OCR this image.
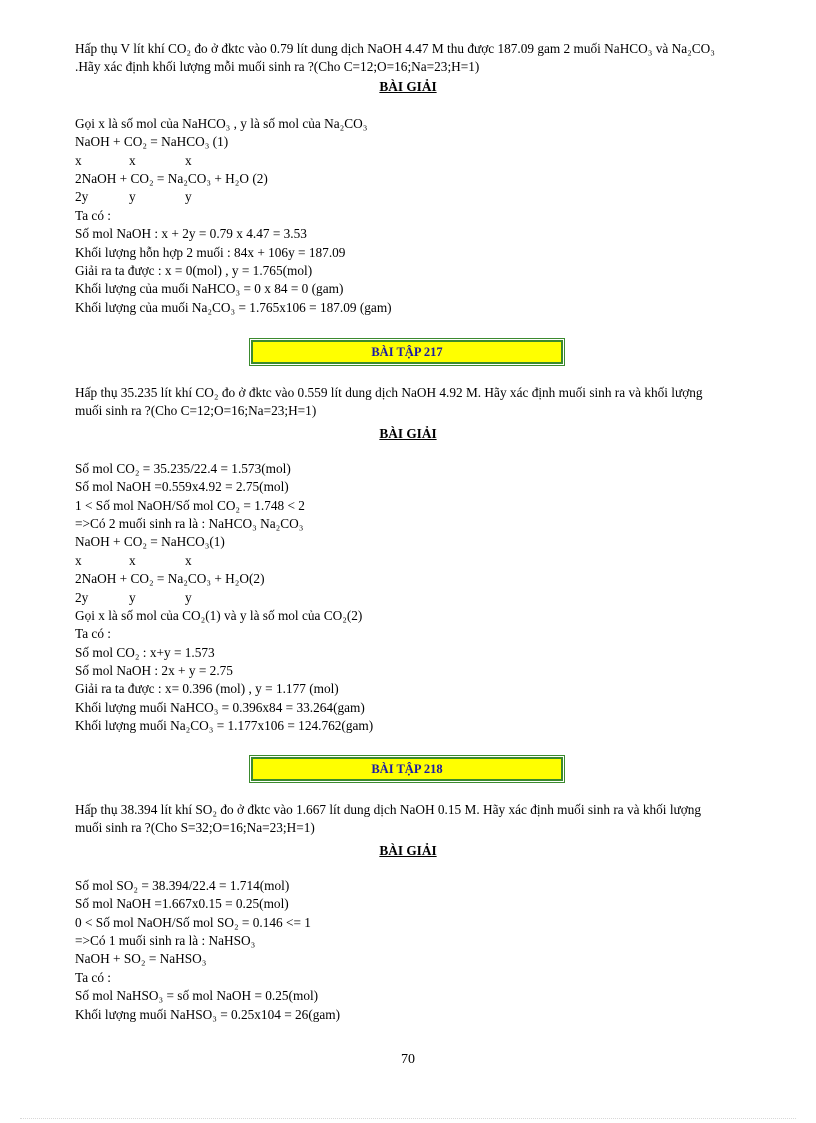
Hấp thụ V lít khí CO₂ đo ở đktc vào 0.79 lít dung dịch NaOH 4.47 M thu được 187.09 gam 2 muối NaHCO₃ và Na₂CO₃
.Hãy xác định khối lượng mỗi muối sinh ra ?(Cho C=12;O=16;Na=23;H=1)
BÀI GIẢI
Gọi x là số mol của NaHCO₃ , y là số mol của Na₂CO₃
NaOH + CO₂ = NaHCO₃ (1)
x	x	x
2NaOH + CO₂ = Na₂CO₃ + H₂O (2)
2y	y	y
Ta có :
Số mol NaOH : x + 2y = 0.79 x 4.47 = 3.53
Khối lượng hỗn hợp 2 muối : 84x + 106y = 187.09
Giải ra ta được : x = 0(mol) , y = 1.765(mol)
Khối lượng của muối NaHCO₃ = 0 x 84 = 0 (gam)
Khối lượng của muối Na₂CO₃ = 1.765x106 = 187.09 (gam)
BÀI TẬP 217
Hấp thụ 35.235 lít khí CO₂ đo ở đktc vào 0.559 lít dung dịch NaOH 4.92 M. Hãy xác định muối sinh ra và khối lượng
muối sinh ra ?(Cho C=12;O=16;Na=23;H=1)
BÀI GIẢI
Số mol CO₂ = 35.235/22.4 = 1.573(mol)
Số mol NaOH =0.559x4.92 = 2.75(mol)
1 < Số mol NaOH/Số mol CO₂ = 1.748 < 2
=>Có 2 muối sinh ra là : NaHCO₃ Na₂CO₃
NaOH + CO₂ = NaHCO₃(1)
x	x	x
2NaOH + CO₂ = Na₂CO₃ + H₂O(2)
2y	y	y
Gọi x là số mol của CO₂(1) và y là số mol của CO₂(2)
Ta có :
Số mol CO₂ : x+y = 1.573
Số mol NaOH : 2x + y = 2.75
Giải ra ta được : x= 0.396 (mol) , y = 1.177 (mol)
Khối lượng muối NaHCO₃ = 0.396x84 = 33.264(gam)
Khối lượng muối Na₂CO₃ = 1.177x106 = 124.762(gam)
BÀI TẬP 218
Hấp thụ 38.394 lít khí SO₂ đo ở đktc vào 1.667 lít dung dịch NaOH 0.15 M. Hãy xác định muối sinh ra và khối lượng
muối sinh ra ?(Cho S=32;O=16;Na=23;H=1)
BÀI GIẢI
Số mol SO₂ = 38.394/22.4 = 1.714(mol)
Số mol NaOH =1.667x0.15 = 0.25(mol)
0 < Số mol NaOH/Số mol SO₂ = 0.146 <= 1
=>Có 1 muối sinh ra là : NaHSO₃
NaOH + SO₂ = NaHSO₃
Ta có :
Số mol NaHSO₃ = số mol NaOH = 0.25(mol)
Khối lượng muối NaHSO₃ = 0.25x104 = 26(gam)
70
